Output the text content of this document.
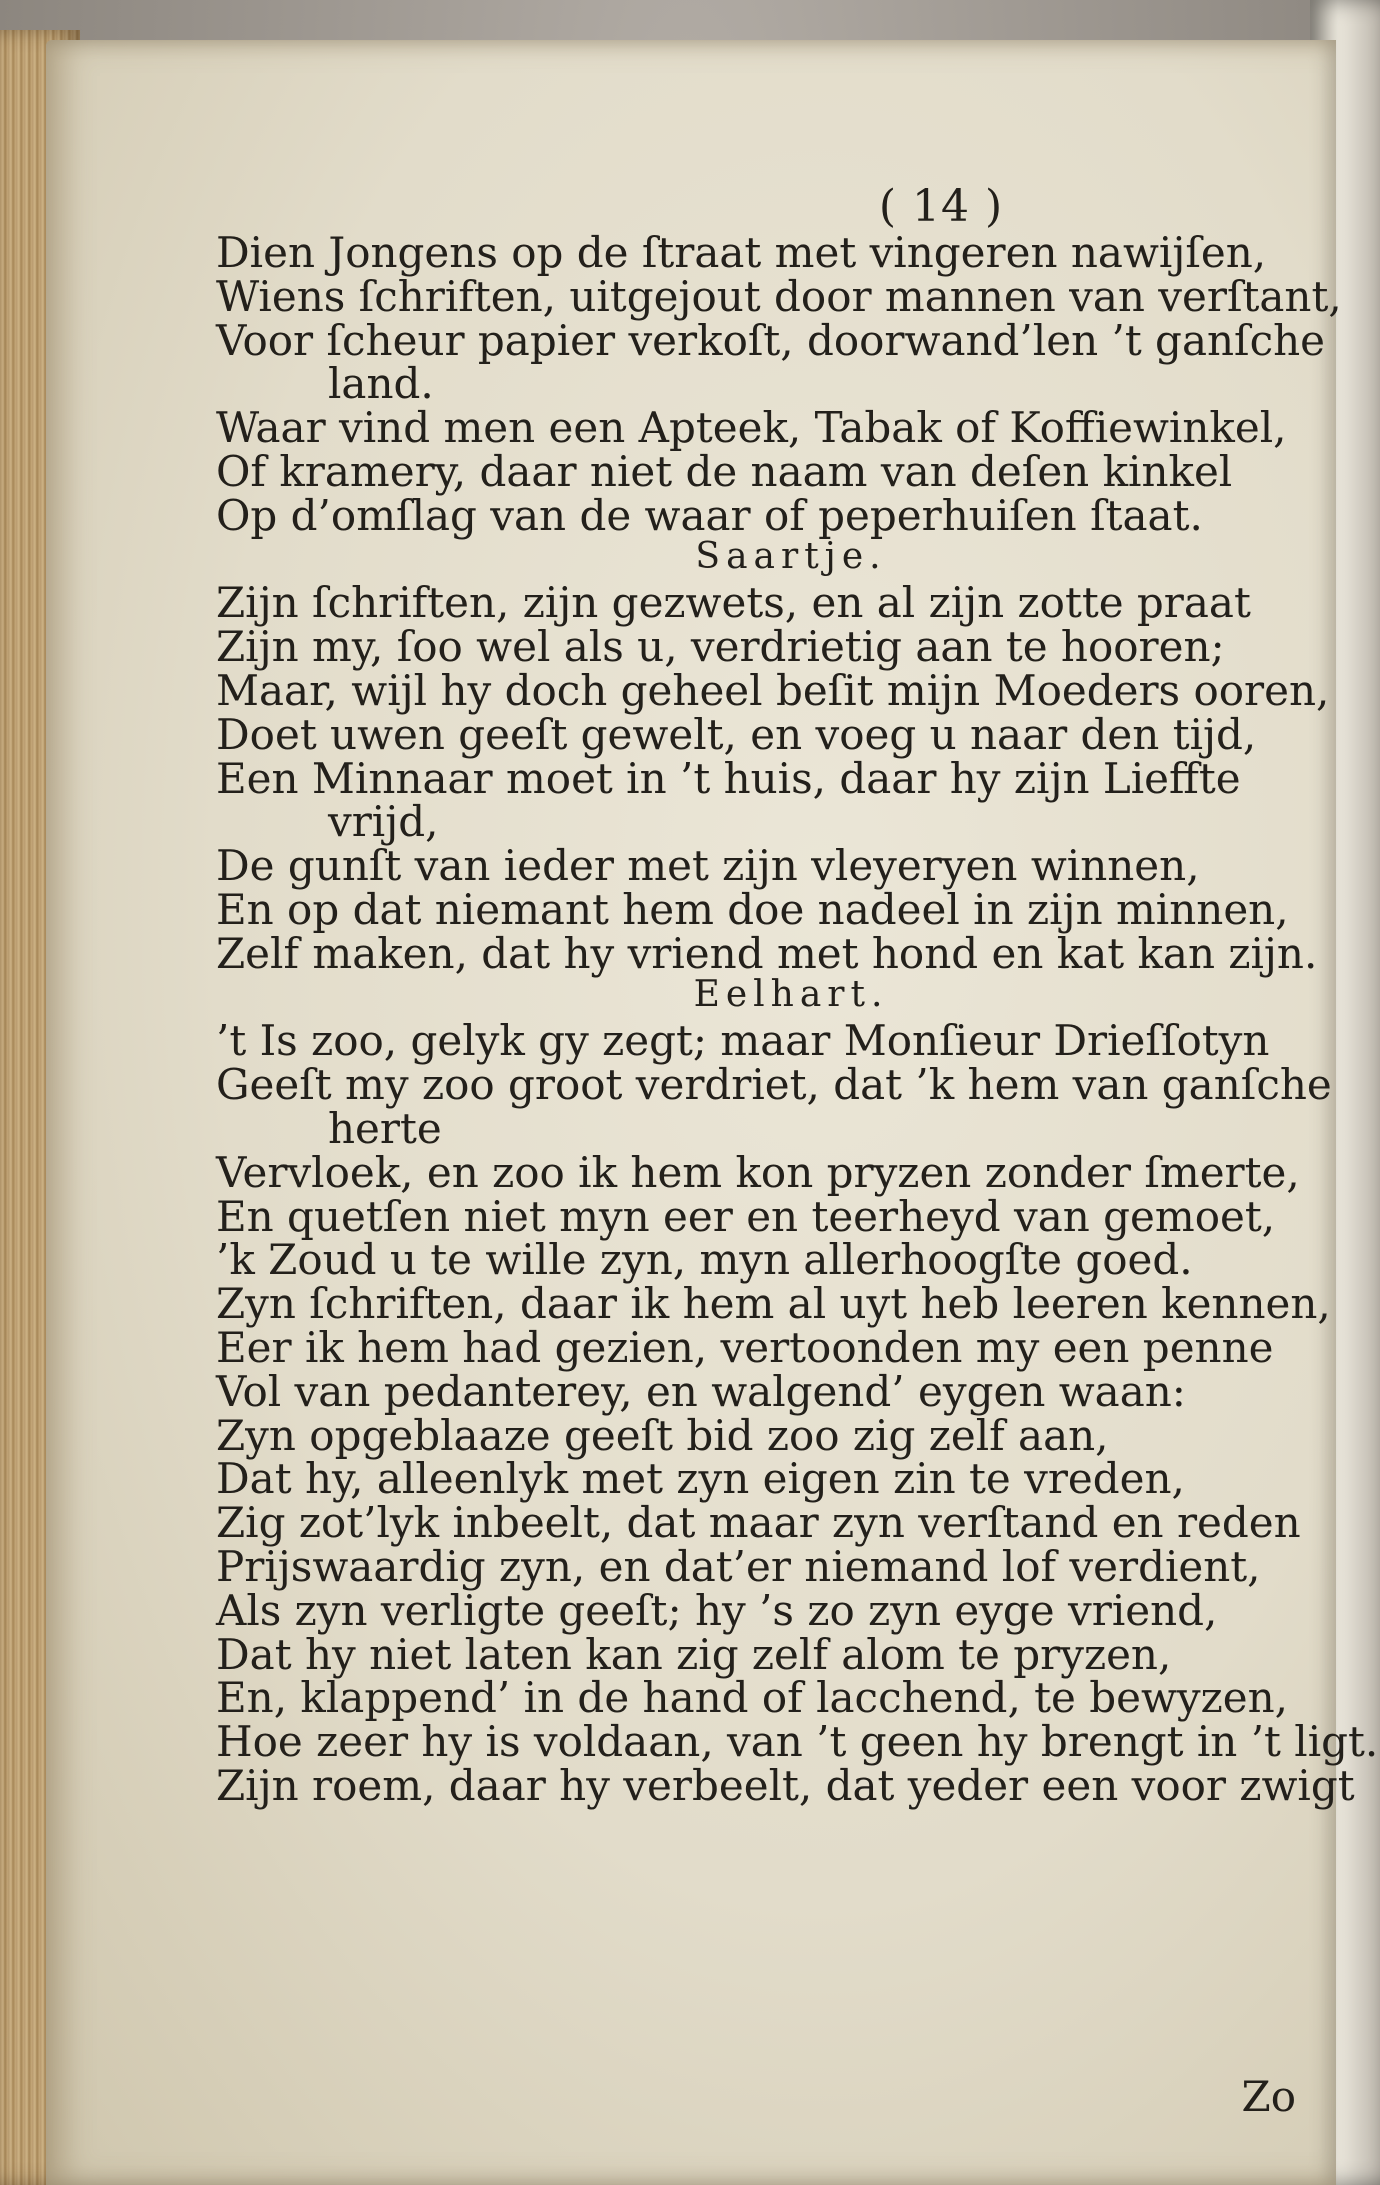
( 14 )
Dien Jongens op de ſtraat met vingeren nawijſen,
Wiens ſchriften, uitgejout door mannen van verſtant,
Voor ſcheur papier verkoſt, doorwand’len ’t ganſche
land.
Waar vind men een Apteek, Tabak of Koffiewinkel,
Of kramery, daar niet de naam van deſen kinkel
Op d’omſlag van de waar of peperhuiſen ſtaat.
Saartje.
Zijn ſchriften, zijn gezwets, en al zijn zotte praat
Zijn my, ſoo wel als u, verdrietig aan te hooren;
Maar, wijl hy doch geheel beſit mijn Moeders ooren,
Doet uwen geeſt gewelt, en voeg u naar den tijd,
Een Minnaar moet in ’t huis, daar hy zijn Lieffte
vrijd,
De gunſt van ieder met zijn vleyeryen winnen,
En op dat niemant hem doe nadeel in zijn minnen,
Zelf maken, dat hy vriend met hond en kat kan zijn.
Eelhart.
’t Is zoo, gelyk gy zegt; maar Monſieur Drieſſotyn
Geeſt my zoo groot verdriet, dat ’k hem van ganſche
herte
Vervloek, en zoo ik hem kon pryzen zonder ſmerte,
En quetſen niet myn eer en teerheyd van gemoet,
’k Zoud u te wille zyn, myn allerhoogſte goed.
Zyn ſchriften, daar ik hem al uyt heb leeren kennen,
Eer ik hem had gezien, vertoonden my een penne
Vol van pedanterey, en walgend’ eygen waan:
Zyn opgeblaaze geeſt bid zoo zig zelf aan,
Dat hy, alleenlyk met zyn eigen zin te vreden,
Zig zot’lyk inbeelt, dat maar zyn verſtand en reden
Prijswaardig zyn, en dat’er niemand lof verdient,
Als zyn verligte geeſt; hy ’s zo zyn eyge vriend,
Dat hy niet laten kan zig zelf alom te pryzen,
En, klappend’ in de hand of lacchend, te bewyzen,
Hoe zeer hy is voldaan, van ’t geen hy brengt in ’t ligt.
Zijn roem, daar hy verbeelt, dat yeder een voor zwigt
Zo
